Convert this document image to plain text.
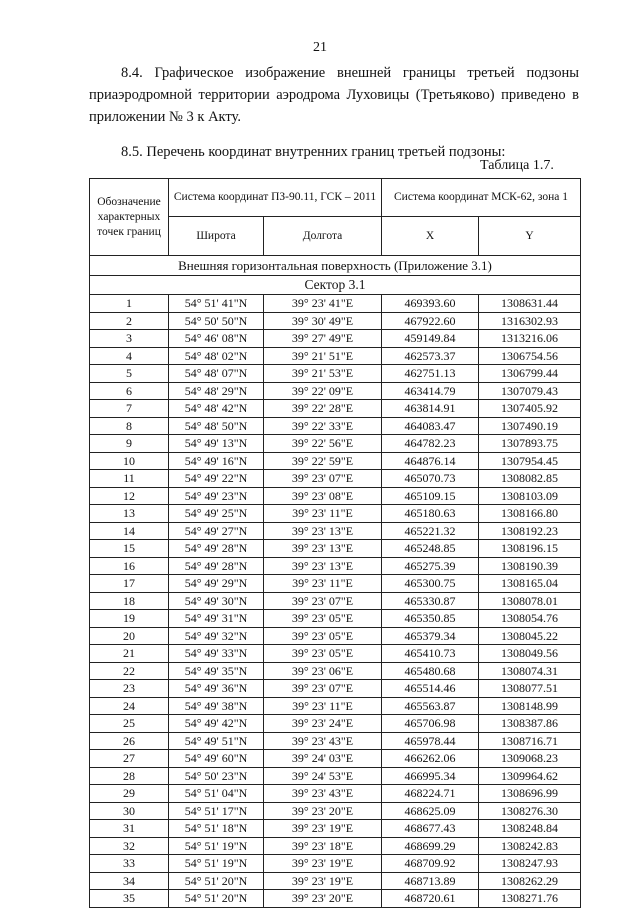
21

8.4. Графическое изображение внешней границы третьей подзоны приаэродромной территории аэродрома Луховицы (Третьяково) приведено в приложении № 3 к Акту.

8.5. Перечень координат внутренних границ третьей подзоны:

Таблица 1.7.
Обозначение характерных точек границ	Система координат ПЗ-90.11, ГСК – 2011		Система координат МСК-62, зона 1	
	Широта	Долгота	X	Y
Внешняя горизонтальная поверхность (Приложение 3.1)				
Сектор 3.1				
1	54° 51' 41"N	39° 23' 41"E	469393.60	1308631.44
2	54° 50' 50"N	39° 30' 49"E	467922.60	1316302.93
3	54° 46' 08"N	39° 27' 49"E	459149.84	1313216.06
4	54° 48' 02"N	39° 21' 51"E	462573.37	1306754.56
5	54° 48' 07"N	39° 21' 53"E	462751.13	1306799.44
6	54° 48' 29"N	39° 22' 09"E	463414.79	1307079.43
7	54° 48' 42"N	39° 22' 28"E	463814.91	1307405.92
8	54° 48' 50"N	39° 22' 33"E	464083.47	1307490.19
9	54° 49' 13"N	39° 22' 56"E	464782.23	1307893.75
10	54° 49' 16"N	39° 22' 59"E	464876.14	1307954.45
11	54° 49' 22"N	39° 23' 07"E	465070.73	1308082.85
12	54° 49' 23"N	39° 23' 08"E	465109.15	1308103.09
13	54° 49' 25"N	39° 23' 11"E	465180.63	1308166.80
14	54° 49' 27"N	39° 23' 13"E	465221.32	1308192.23
15	54° 49' 28"N	39° 23' 13"E	465248.85	1308196.15
16	54° 49' 28"N	39° 23' 13"E	465275.39	1308190.39
17	54° 49' 29"N	39° 23' 11"E	465300.75	1308165.04
18	54° 49' 30"N	39° 23' 07"E	465330.87	1308078.01
19	54° 49' 31"N	39° 23' 05"E	465350.85	1308054.76
20	54° 49' 32"N	39° 23' 05"E	465379.34	1308045.22
21	54° 49' 33"N	39° 23' 05"E	465410.73	1308049.56
22	54° 49' 35"N	39° 23' 06"E	465480.68	1308074.31
23	54° 49' 36"N	39° 23' 07"E	465514.46	1308077.51
24	54° 49' 38"N	39° 23' 11"E	465563.87	1308148.99
25	54° 49' 42"N	39° 23' 24"E	465706.98	1308387.86
26	54° 49' 51"N	39° 23' 43"E	465978.44	1308716.71
27	54° 49' 60"N	39° 24' 03"E	466262.06	1309068.23
28	54° 50' 23"N	39° 24' 53"E	466995.34	1309964.62
29	54° 51' 04"N	39° 23' 43"E	468224.71	1308696.99
30	54° 51' 17"N	39° 23' 20"E	468625.09	1308276.30
31	54° 51' 18"N	39° 23' 19"E	468677.43	1308248.84
32	54° 51' 19"N	39° 23' 18"E	468699.29	1308242.83
33	54° 51' 19"N	39° 23' 19"E	468709.92	1308247.93
34	54° 51' 20"N	39° 23' 19"E	468713.89	1308262.29
35	54° 51' 20"N	39° 23' 20"E	468720.61	1308271.76
